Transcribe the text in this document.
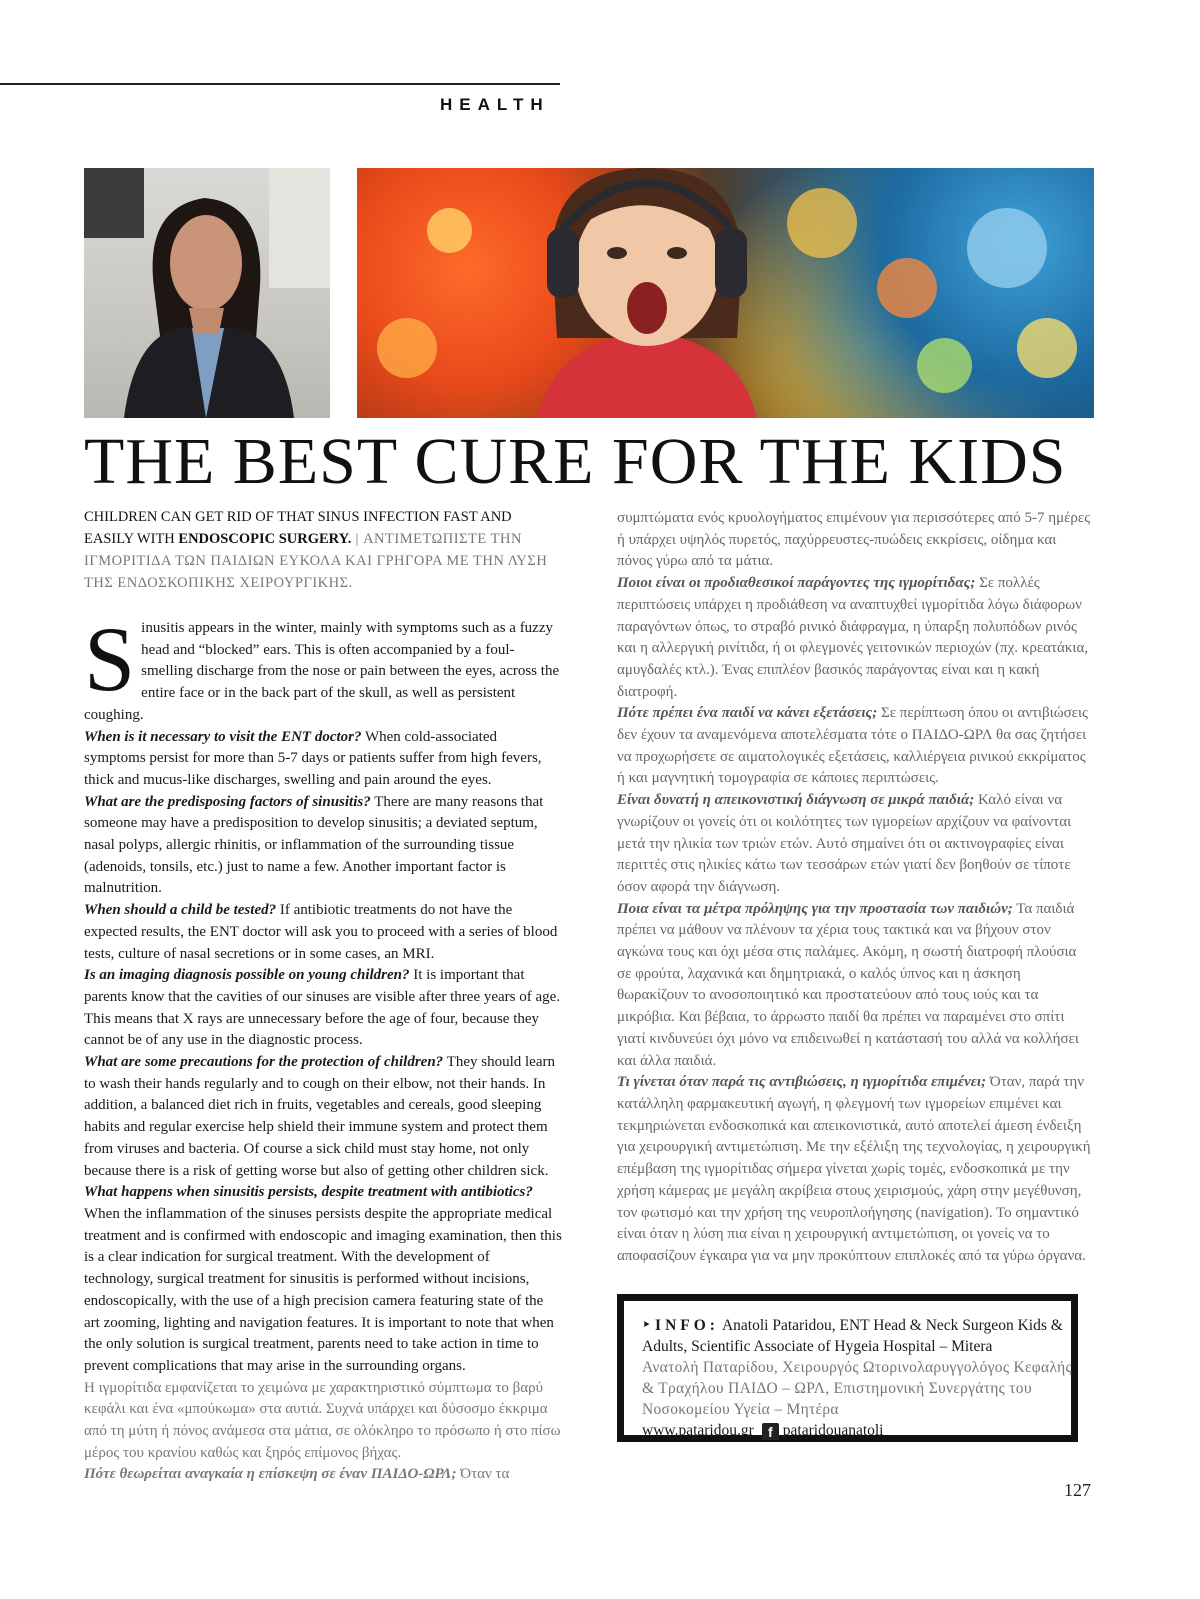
HEALTH
THE BEST CURE FOR THE KIDS
CHILDREN CAN GET RID OF THAT SINUS INFECTION FAST AND EASILY WITH ENDOSCOPIC SURGERY. | ΑΝΤΙΜΕΤΩΠΙΣΤΕ ΤΗΝ ΙΓΜΟΡΙΤΙΔΑ ΤΩΝ ΠΑΙΔΙΩΝ ΕΥΚΟΛΑ ΚΑΙ ΓΡΗΓΟΡΑ ΜΕ ΤΗΝ ΛΥΣΗ ΤΗΣ ΕΝΔΟΣΚΟΠΙΚΗΣ ΧΕΙΡΟΥΡΓΙΚΗΣ.

Sinusitis appears in the winter, mainly with symptoms such as a fuzzy head and “blocked” ears. This is often accompanied by a foul-smelling discharge from the nose or pain between the eyes, across the entire face or in the back part of the skull, as well as persistent coughing.

When is it necessary to visit the ENT doctor? When cold-associated symptoms persist for more than 5-7 days or patients suffer from high fevers, thick and mucus-like discharges, swelling and pain around the eyes.

What are the predisposing factors of sinusitis? There are many reasons that someone may have a predisposition to develop sinusitis; a deviated septum, nasal polyps, allergic rhinitis, or inflammation of the surrounding tissue (adenoids, tonsils, etc.) just to name a few. Another important factor is malnutrition.

When should a child be tested? If antibiotic treatments do not have the expected results, the ENT doctor will ask you to proceed with a series of blood tests, culture of nasal secretions or in some cases, an MRI.

Is an imaging diagnosis possible on young children? It is important that parents know that the cavities of our sinuses are visible after three years of age. This means that X rays are unnecessary before the age of four, because they cannot be of any use in the diagnostic process.

What are some precautions for the protection of children? They should learn to wash their hands regularly and to cough on their elbow, not their hands. In addition, a balanced diet rich in fruits, vegetables and cereals, good sleeping habits and regular exercise help shield their immune system and protect them from viruses and bacteria. Of course a sick child must stay home, not only because there is a risk of getting worse but also of getting other children sick.

What happens when sinusitis persists, despite treatment with antibiotics? When the inflammation of the sinuses persists despite the appropriate medical treatment and is confirmed with endoscopic and imaging examination, then this is a clear indication for surgical treatment. With the development of technology, surgical treatment for sinusitis is performed without incisions, endoscopically, with the use of a high precision camera featuring state of the art zooming, lighting and navigation features. It is important to note that when the only solution is surgical treatment, parents need to take action in time to prevent complications that may arise in the surrounding organs.

Η ιγμορίτιδα εμφανίζεται το χειμώνα με χαρακτηριστικό σύμπτωμα το βαρύ κεφάλι και ένα «μπούκωμα» στα αυτιά. Συχνά υπάρχει και δύσοσμο έκκριμα από τη μύτη ή πόνος ανάμεσα στα μάτια, σε ολόκληρο το πρόσωπο ή στο πίσω μέρος του κρανίου καθώς και ξηρός επίμονος βήχας.

Πότε θεωρείται αναγκαία η επίσκεψη σε έναν ΠΑΙΔΟ-ΩΡΛ; Όταν τα

συμπτώματα ενός κρυολογήματος επιμένουν για περισσότερες από 5-7 ημέρες ή υπάρχει υψηλός πυρετός, παχύρρευστες-πυώδεις εκκρίσεις, οίδημα και πόνος γύρω από τα μάτια.

Ποιοι είναι οι προδιαθεσικοί παράγοντες της ιγμορίτιδας; Σε πολλές περιπτώσεις υπάρχει η προδιάθεση να αναπτυχθεί ιγμορίτιδα λόγω διάφορων παραγόντων όπως, το στραβό ρινικό διάφραγμα, η ύπαρξη πολυπόδων ρινός και η αλλεργική ρινίτιδα, ή οι φλεγμονές γειτονικών περιοχών (πχ. κρεατάκια, αμυγδαλές κτλ.). Ένας επιπλέον βασικός παράγοντας είναι και η κακή διατροφή.

Πότε πρέπει ένα παιδί να κάνει εξετάσεις; Σε περίπτωση όπου οι αντιβιώσεις δεν έχουν τα αναμενόμενα αποτελέσματα τότε ο ΠΑΙΔΟ-ΩΡΛ θα σας ζητήσει να προχωρήσετε σε αιματολογικές εξετάσεις, καλλιέργεια ρινικού εκκρίματος ή και μαγνητική τομογραφία σε κάποιες περιπτώσεις.

Είναι δυνατή η απεικονιστική διάγνωση σε μικρά παιδιά; Καλό είναι να γνωρίζουν οι γονείς ότι οι κοιλότητες των ιγμορείων αρχίζουν να φαίνονται μετά την ηλικία των τριών ετών. Αυτό σημαίνει ότι οι ακτινογραφίες είναι περιττές στις ηλικίες κάτω των τεσσάρων ετών γιατί δεν βοηθούν σε τίποτε όσον αφορά την διάγνωση.

Ποια είναι τα μέτρα πρόληψης για την προστασία των παιδιών; Τα παιδιά πρέπει να μάθουν να πλένουν τα χέρια τους τακτικά και να βήχουν στον αγκώνα τους και όχι μέσα στις παλάμες. Ακόμη, η σωστή διατροφή πλούσια σε φρούτα, λαχανικά και δημητριακά, ο καλός ύπνος και η άσκηση θωρακίζουν το ανοσοποιητικό και προστατεύουν από τους ιούς και τα μικρόβια. Και βέβαια, το άρρωστο παιδί θα πρέπει να παραμένει στο σπίτι γιατί κινδυνεύει όχι μόνο να επιδεινωθεί η κατάστασή του αλλά να κολλήσει και άλλα παιδιά.

Τι γίνεται όταν παρά τις αντιβιώσεις, η ιγμορίτιδα επιμένει; Όταν, παρά την κατάλληλη φαρμακευτική αγωγή, η φλεγμονή των ιγμορείων επιμένει και τεκμηριώνεται ενδοσκοπικά και απεικονιστικά, αυτό αποτελεί άμεση ένδειξη για χειρουργική αντιμετώπιση. Με την εξέλιξη της τεχνολογίας, η χειρουργική επέμβαση της ιγμορίτιδας σήμερα γίνεται χωρίς τομές, ενδοσκοπικά με την χρήση κάμερας με μεγάλη ακρίβεια στους χειρισμούς, χάρη στην μεγέθυνση, τον φωτισμό και την χρήση της νευροπλοήγησης (navigation). Το σημαντικό είναι όταν η λύση πια είναι η χειρουργική αντιμετώπιση, οι γονείς να το αποφασίζουν έγκαιρα για να μην προκύπτουν επιπλοκές από τα γύρω όργανα.

‣ INFO: Anatoli Pataridou, ENT Head & Neck Surgeon Kids & Adults, Scientific Associate of Hygeia Hospital – Mitera
Ανατολή Παταρίδου, Χειρουργός Ωτορινολαρυγγολόγος Κεφαλής & Τραχήλου ΠΑΙΔΟ – ΩΡΛ, Επιστημονική Συνεργάτης του Νοσοκομείου Υγεία – Μητέρα
www.pataridou.gr f pataridouanatoli
127
